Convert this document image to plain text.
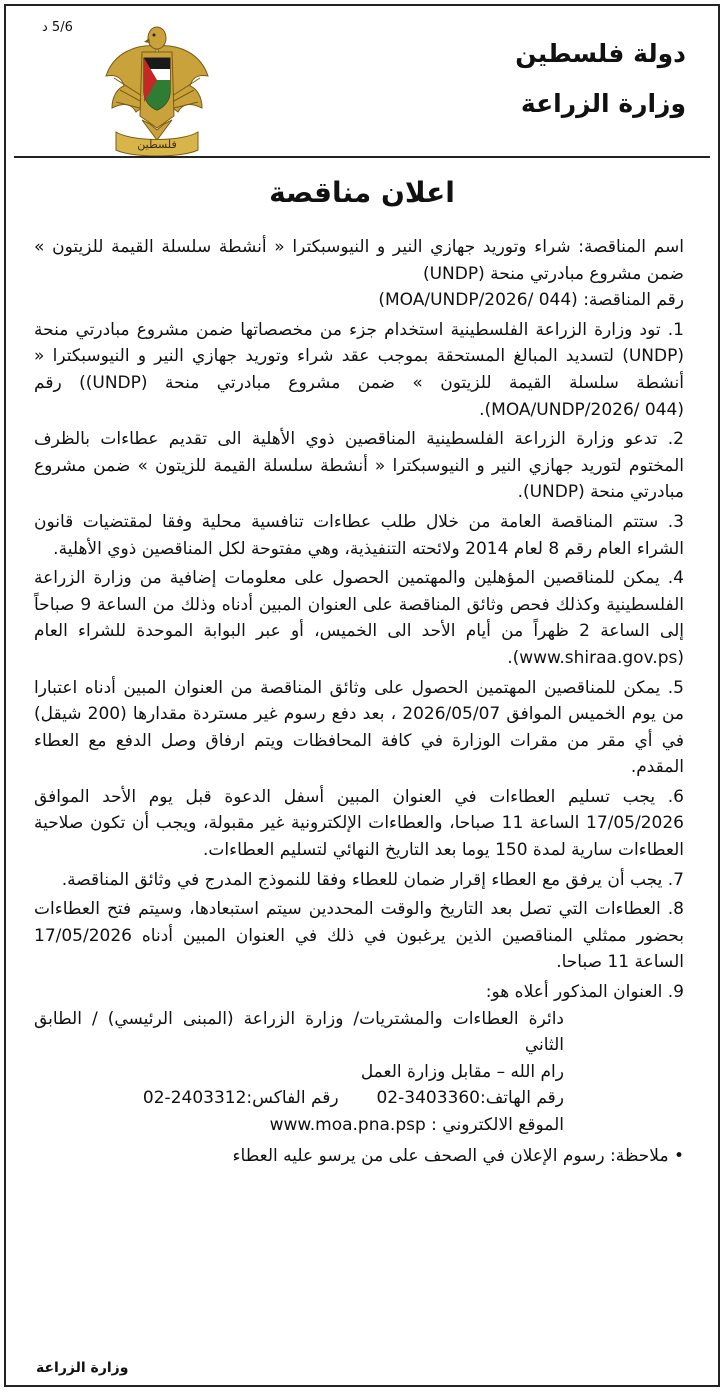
5/6 د
دولة فلسطين
وزارة الزراعة
فلسطين
اعلان مناقصة

اسم المناقصة: شراء وتوريد جهازي النير و النيوسبكترا « أنشطة سلسلة القيمة للزيتون » ضمن مشروع مبادرتي منحة (UNDP)

رقم المناقصة: (MOA/UNDP/2026/ 044)

1. تود وزارة الزراعة الفلسطينية استخدام جزء من مخصصاتها ضمن مشروع مبادرتي منحة (UNDP) لتسديد المبالغ المستحقة بموجب عقد شراء وتوريد جهازي النير و النيوسبكترا « أنشطة سلسلة القيمة للزيتون » ضمن مشروع مبادرتي منحة (UNDP)) رقم (MOA/UNDP/2026/ 044).

2. تدعو وزارة الزراعة الفلسطينية المناقصين ذوي الأهلية الى تقديم عطاءات بالظرف المختوم لتوريد جهازي النير و النيوسبكترا « أنشطة سلسلة القيمة للزيتون » ضمن مشروع مبادرتي منحة (UNDP).

3. ستتم المناقصة العامة من خلال طلب عطاءات تنافسية محلية وفقا لمقتضيات قانون الشراء العام رقم 8 لعام 2014 ولائحته التنفيذية، وهي مفتوحة لكل المناقصين ذوي الأهلية.

4. يمكن للمناقصين المؤهلين والمهتمين الحصول على معلومات إضافية من وزارة الزراعة الفلسطينية وكذلك فحص وثائق المناقصة على العنوان المبين أدناه وذلك من الساعة 9 صباحاً إلى الساعة 2 ظهراً من أيام الأحد الى الخميس، أو عبر البوابة الموحدة للشراء العام (www.shiraa.gov.ps).

5. يمكن للمناقصين المهتمين الحصول على وثائق المناقصة من العنوان المبين أدناه اعتبارا من يوم الخميس الموافق 2026/05/07 ، بعد دفع رسوم غير مستردة مقدارها (200 شيقل) في أي مقر من مقرات الوزارة في كافة المحافظات ويتم ارفاق وصل الدفع مع العطاء المقدم.

6. يجب تسليم العطاءات في العنوان المبين أسفل الدعوة قبل يوم الأحد الموافق 17/05/2026 الساعة 11 صباحا، والعطاءات الإلكترونية غير مقبولة، ويجب أن تكون صلاحية العطاءات سارية لمدة 150 يوما بعد التاريخ النهائي لتسليم العطاءات.

7. يجب أن يرفق مع العطاء إقرار ضمان للعطاء وفقا للنموذج المدرج في وثائق المناقصة.

8. العطاءات التي تصل بعد التاريخ والوقت المحددين سيتم استبعادها، وسيتم فتح العطاءات بحضور ممثلي المناقصين الذين يرغبون في ذلك في العنوان المبين أدناه 17/05/2026 الساعة 11 صباحا.

9. العنوان المذكور أعلاه هو:

دائرة العطاءات والمشتريات/ وزارة الزراعة (المبنى الرئيسي) / الطابق الثاني

رام الله – مقابل وزارة العمل

رقم الهاتف:3403360-02       رقم الفاكس:2403312-02

الموقع الالكتروني : www.moa.pna.psp

• ملاحظة: رسوم الإعلان في الصحف على من يرسو عليه العطاء

وزارة الزراعة
